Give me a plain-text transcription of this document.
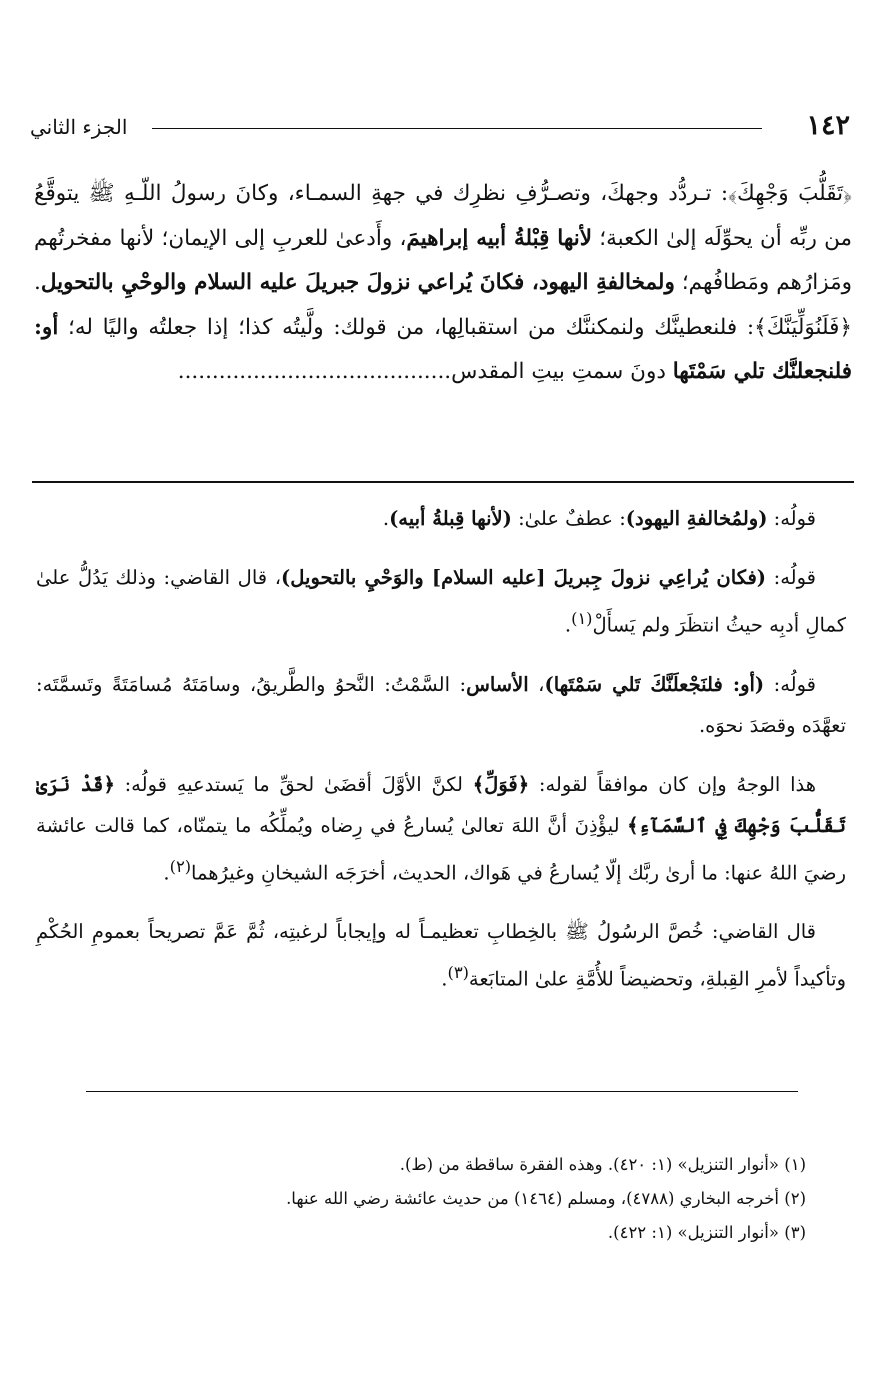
١٤٢
الجزء الثاني

﴿تَقَلُّبَ وَجْهِكَ﴾: تـردُّد وجهكَ، وتصـرُّفِ نظرِك في جهةِ السمـاء، وكانَ رسولُ اللّـهِ ﷺ يتوقَّعُ من ربِّه أن يحوِّلَه إلىٰ الكعبة؛ لأنها قِبْلةُ أبيه إبراهيمَ، وأَدعىٰ للعربِ إلى الإيمان؛ لأنها مفخرتُهم ومَزارُهم ومَطافُهم؛ ولمخالفةِ اليهود، فكانَ يُراعي نزولَ جبريلَ عليه السلام والوحْيِ بالتحويل. ﴿فَلَنُوَلِّيَنَّكَ﴾: فلنعطينَّك ولنمكننَّك من استقبالِها، من قولك: ولَّيتُه كذا؛ إذا جعلتُه واليًا له؛ أو: فلنجعلنَّك تلي سَمْتَها دونَ سمتِ بيتِ المقدس........................................

قولُه: (ولمُخالفةِ اليهود): عطفٌ علىٰ: (لأنها قِبلةُ أبيه).

قولُه: (فكان يُراعِي نزولَ جِبريلَ [عليه السلام] والوَحْيِ بالتحويل)، قال القاضي: وذلك يَدُلُّ علىٰ كمالِ أدبِه حيثُ انتظَرَ ولم يَسأَلْ$^{(١)}$.

قولُه: (أو: فلنَجْعلَنَّكَ تَلي سَمْتَها)، الأساس: السَّمْتُ: النَّحوُ والطَّريقُ، وسامَتَهُ مُسامَتَةً وتَسمَّتَه: تعهَّدَه وقصَدَ نحوَه.

هذا الوجهُ وإن كان موافقاً لقوله: ﴿فَوَلِّ﴾ لكنَّ الأوَّلَ أقضَىٰ لحقِّ ما يَستدعيهِ قولُه: ﴿قَدْ نَرَىٰ تَقَلُّبَ وَجْهِكَ فِي ٱلسَّمَآءِ﴾ ليؤْذِنَ أنَّ اللهَ تعالىٰ يُسارعُ في رِضاه ويُملِّكُه ما يتمنّاه، كما قالت عائشة رضيَ اللهُ عنها: ما أرىٰ ربَّك إلّا يُسارعُ في هَواك، الحديث، أخرَجَه الشيخانِ وغيرُهما$^{(٢)}$.

قال القاضي: خُصَّ الرسُولُ ﷺ بالخِطابِ تعظيمـاً له وإيجاباً لرغبتِه، ثُمَّ عَمَّ تصريحاً بعمومِ الحُكْمِ وتأكيداً لأمرِ القِبلةِ، وتحضيضاً للأُمَّةِ علىٰ المتابَعة$^{(٣)}$.

(١) «أنوار التنزيل» (١: ٤٢٠). وهذه الفقرة ساقطة من (ط).

(٢) أخرجه البخاري (٤٧٨٨)، ومسلم (١٤٦٤) من حديث عائشة رضي الله عنها.

(٣) «أنوار التنزيل» (١: ٤٢٢).
